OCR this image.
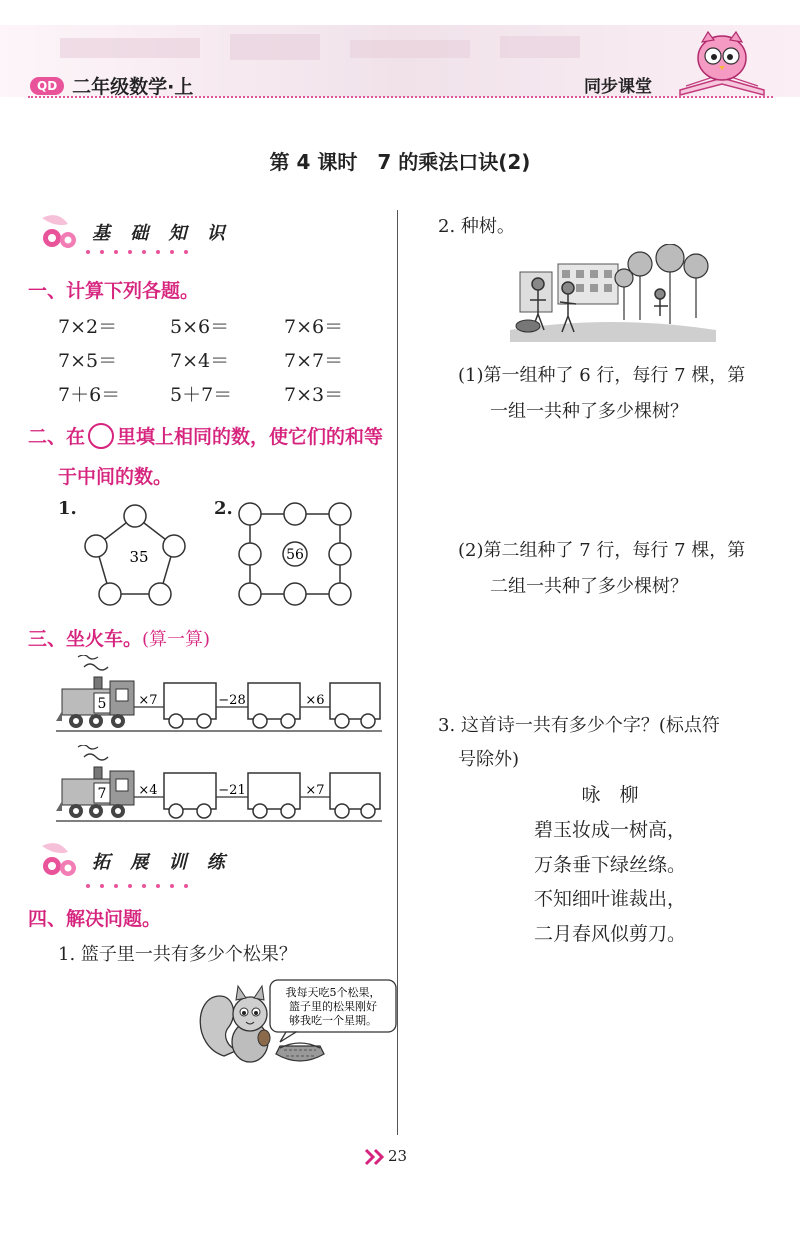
QD 二年级数学·上	同步课堂
第 4 课时　7 的乘法口诀(2)
基 础 知 识
一、计算下列各题。
7×2＝	5×6＝	7×6＝
7×5＝	7×4＝	7×7＝
7＋6＝	5＋7＝	7×3＝
二、在 里填上相同的数，使它们的和等
于中间的数。
1.
35
2.
56
三、坐火车。 (算一算)
5 ×7	−28	×6
7 ×4	−21	×7
拓 展 训 练
四、解决问题。
1. 篮子里一共有多少个松果？
我每天吃5个松果，
篮子里的松果刚好
够我吃一个星期。
2. 种树。
(1)第一组种了 6 行，每行 7 棵，第
一组一共种了多少棵树？
(2)第二组种了 7 行，每行 7 棵，第
二组一共种了多少棵树？
3. 这首诗一共有多少个字？(标点符
号除外)
咏　柳
碧玉妆成一树高，
万条垂下绿丝绦。
不知细叶谁裁出，
二月春风似剪刀。
23
